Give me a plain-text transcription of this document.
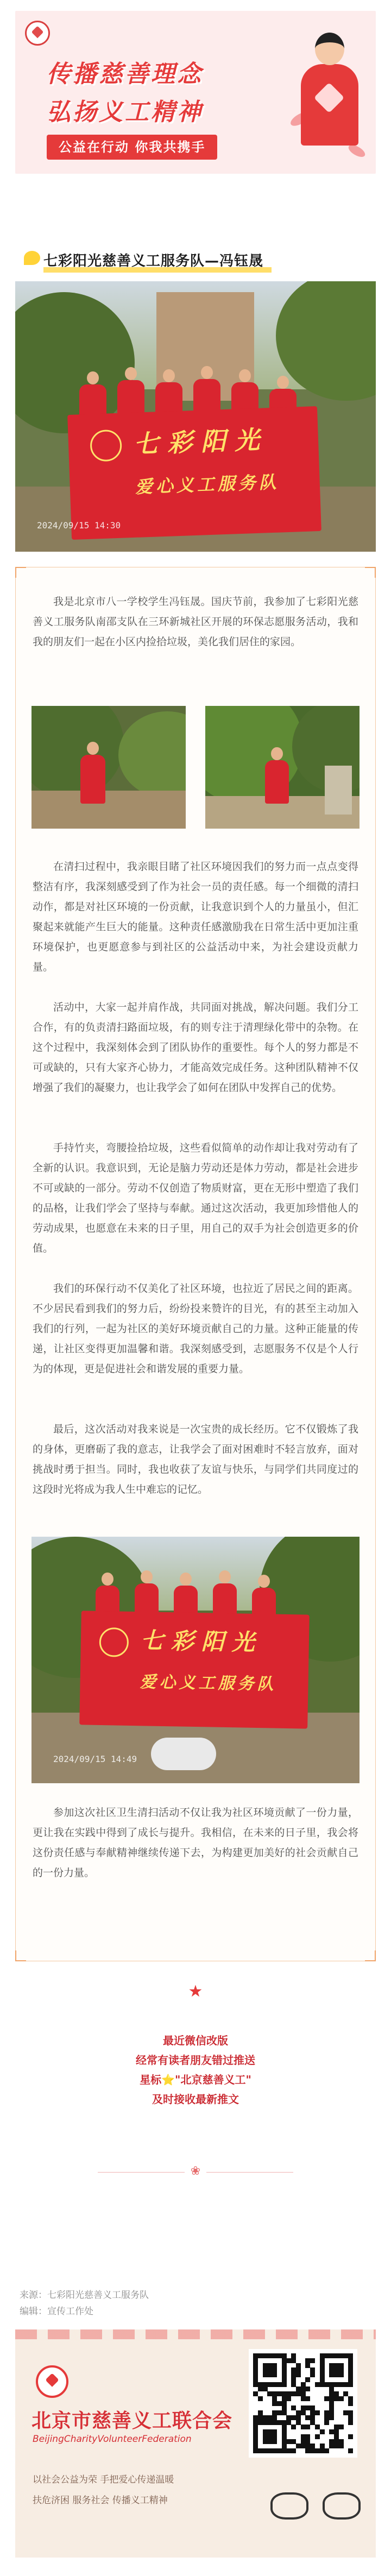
传播慈善理念
弘扬义工精神
公益在行动 你我共携手
七彩阳光慈善义工服务队—冯钰晟
七彩阳光
爱心义工服务队
2024/09/15 14:30
我是北京市八一学校学生冯钰晟。国庆节前，我参加了七彩阳光慈善义工服务队南邵支队在三环新城社区开展的环保志愿服务活动，我和我的朋友们一起在小区内捡拾垃圾，美化我们居住的家园。
在清扫过程中，我亲眼目睹了社区环境因我们的努力而一点点变得整洁有序，我深刻感受到了作为社会一员的责任感。每一个细微的清扫动作，都是对社区环境的一份贡献，让我意识到个人的力量虽小，但汇聚起来就能产生巨大的能量。这种责任感激励我在日常生活中更加注重环境保护，也更愿意参与到社区的公益活动中来，为社会建设贡献力量。
活动中，大家一起并肩作战，共同面对挑战，解决问题。我们分工合作，有的负责清扫路面垃圾，有的则专注于清理绿化带中的杂物。在这个过程中，我深刻体会到了团队协作的重要性。每个人的努力都是不可或缺的，只有大家齐心协力，才能高效完成任务。这种团队精神不仅增强了我们的凝聚力，也让我学会了如何在团队中发挥自己的优势。
手持竹夹，弯腰捡拾垃圾，这些看似简单的动作却让我对劳动有了全新的认识。我意识到，无论是脑力劳动还是体力劳动，都是社会进步不可或缺的一部分。劳动不仅创造了物质财富，更在无形中塑造了我们的品格，让我们学会了坚持与奉献。通过这次活动，我更加珍惜他人的劳动成果，也愿意在未来的日子里，用自己的双手为社会创造更多的价值。
我们的环保行动不仅美化了社区环境，也拉近了居民之间的距离。不少居民看到我们的努力后，纷纷投来赞许的目光，有的甚至主动加入我们的行列，一起为社区的美好环境贡献自己的力量。这种正能量的传递，让社区变得更加温馨和谐。我深刻感受到，志愿服务不仅是个人行为的体现，更是促进社会和谐发展的重要力量。
最后，这次活动对我来说是一次宝贵的成长经历。它不仅锻炼了我的身体，更磨砺了我的意志，让我学会了面对困难时不轻言放弃，面对挑战时勇于担当。同时，我也收获了友谊与快乐，与同学们共同度过的这段时光将成为我人生中难忘的记忆。
七彩阳光
爱心义工服务队
2024/09/15 14:49
参加这次社区卫生清扫活动不仅让我为社区环境贡献了一份力量，更让我在实践中得到了成长与提升。我相信，在未来的日子里，我会将这份责任感与奉献精神继续传递下去，为构建更加美好的社会贡献自己的一份力量。
★
最近微信改版
经常有读者朋友错过推送
星标⭐"北京慈善义工"
及时接收最新推文
❀
来源：七彩阳光慈善义工服务队
编辑：宣传工作处
北京市慈善义工联合会
BeijingCharityVolunteerFederation
以社会公益为荣 手把爱心传递温暖
扶危济困 服务社会 传播义工精神
